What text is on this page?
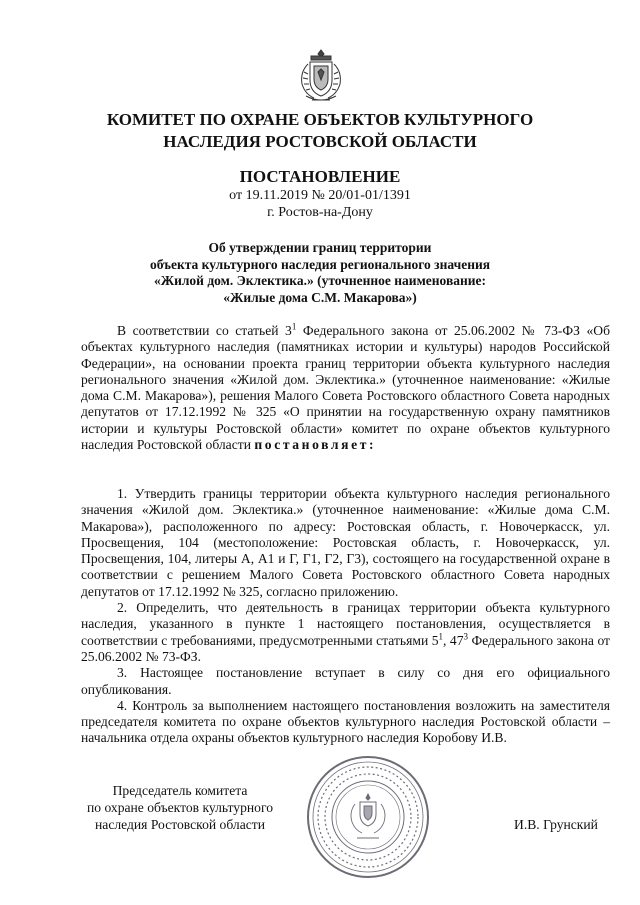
КОМИТЕТ ПО ОХРАНЕ ОБЪЕКТОВ КУЛЬТУРНОГО
НАСЛЕДИЯ РОСТОВСКОЙ ОБЛАСТИ
ПОСТАНОВЛЕНИЕ
от 19.11.2019 № 20/01-01/1391
г. Ростов-на-Дону
Об утверждении границ территории
объекта культурного наследия регионального значения
«Жилой дом. Эклектика.» (уточненное наименование:
«Жилые дома С.М. Макарова»)

В соответствии со статьей $3^1$ Федерального закона от 25.06.2002 № 73-ФЗ «Об объектах культурного наследия (памятниках истории и культуры) народов Российской Федерации», на основании проекта границ территории объекта культурного наследия регионального значения «Жилой дом. Эклектика.» (уточненное наименование: «Жилые дома С.М. Макарова»), решения Малого Совета Ростовского областного Совета народных депутатов от 17.12.1992 № 325 «О принятии на государственную охрану памятников истории и культуры Ростовской области» комитет по охране объектов культурного наследия Ростовской области постановляет:

1. Утвердить границы территории объекта культурного наследия регионального значения «Жилой дом. Эклектика.» (уточненное наименование: «Жилые дома С.М. Макарова»), расположенного по адресу: Ростовская область, г. Новочеркасск, ул. Просвещения, 104 (местоположение: Ростовская область, г. Новочеркасск, ул. Просвещения, 104, литеры А, А1 и Г, Г1, Г2, Г3), состоящего на государственной охране в соответствии с решением Малого Совета Ростовского областного Совета народных депутатов от 17.12.1992 № 325, согласно приложению.

2. Определить, что деятельность в границах территории объекта культурного наследия, указанного в пункте 1 настоящего постановления, осуществляется в соответствии с требованиями, предусмотренными статьями $5^1$, $47^3$ Федерального закона от 25.06.2002 № 73-ФЗ.

3. Настоящее постановление вступает в силу со дня его официального опубликования.

4. Контроль за выполнением настоящего постановления возложить на заместителя председателя комитета по охране объектов культурного наследия Ростовской области – начальника отдела охраны объектов культурного наследия Коробову И.В.

Председатель комитета
по охране объектов культурного
наследия Ростовской области	И.В. Грунский
